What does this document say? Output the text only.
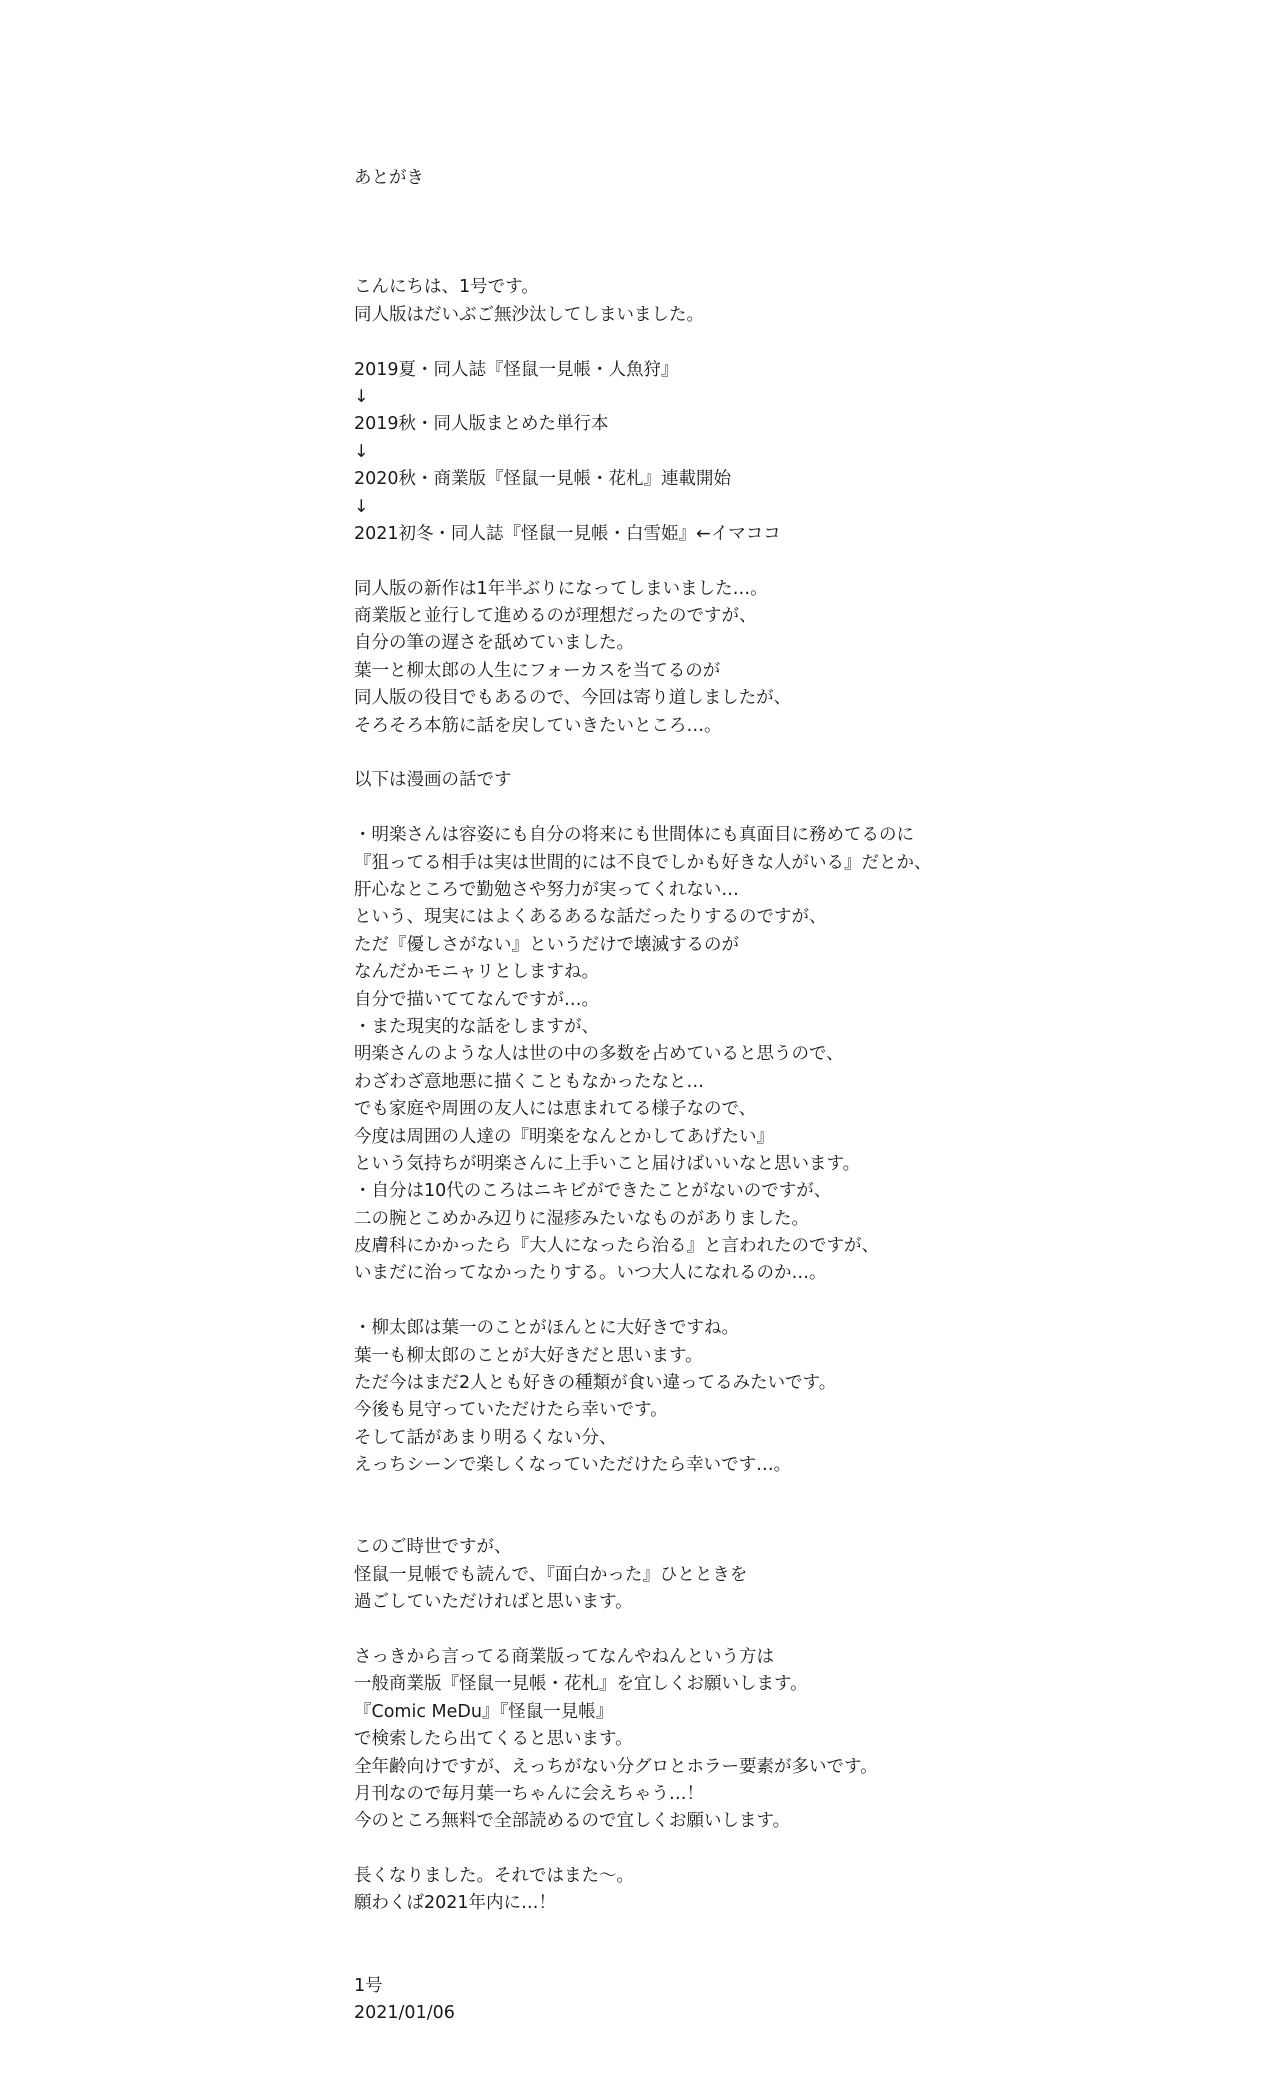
あとがき

こんにちは、1号です。
同人版はだいぶご無沙汰してしまいました。
2019夏・同人誌『怪鼠一見帳・人魚狩』
↓
2019秋・同人版まとめた単行本
↓
2020秋・商業版『怪鼠一見帳・花札』連載開始
↓
2021初冬・同人誌『怪鼠一見帳・白雪姫』←イマココ
同人版の新作は1年半ぶりになってしまいました…。
商業版と並行して進めるのが理想だったのですが、
自分の筆の遅さを舐めていました。
葉一と柳太郎の人生にフォーカスを当てるのが
同人版の役目でもあるので、今回は寄り道しましたが、
そろそろ本筋に話を戻していきたいところ…。
以下は漫画の話です
・明楽さんは容姿にも自分の将来にも世間体にも真面目に務めてるのに
『狙ってる相手は実は世間的には不良でしかも好きな人がいる』だとか、
肝心なところで勤勉さや努力が実ってくれない…
という、現実にはよくあるあるな話だったりするのですが、
ただ『優しさがない』というだけで壊滅するのが
なんだかモニャリとしますね。
自分で描いててなんですが…。
・また現実的な話をしますが、
明楽さんのような人は世の中の多数を占めていると思うので、
わざわざ意地悪に描くこともなかったなと…
でも家庭や周囲の友人には恵まれてる様子なので、
今度は周囲の人達の『明楽をなんとかしてあげたい』
という気持ちが明楽さんに上手いこと届けばいいなと思います。
・自分は10代のころはニキビができたことがないのですが、
二の腕とこめかみ辺りに湿疹みたいなものがありました。
皮膚科にかかったら『大人になったら治る』と言われたのですが、
いまだに治ってなかったりする。いつ大人になれるのか…。
・柳太郎は葉一のことがほんとに大好きですね。
葉一も柳太郎のことが大好きだと思います。
ただ今はまだ2人とも好きの種類が食い違ってるみたいです。
今後も見守っていただけたら幸いです。
そして話があまり明るくない分、
えっちシーンで楽しくなっていただけたら幸いです…。
このご時世ですが、
怪鼠一見帳でも読んで、『面白かった』ひとときを
過ごしていただければと思います。
さっきから言ってる商業版ってなんやねんという方は
一般商業版『怪鼠一見帳・花札』を宜しくお願いします。
『Comic MeDu』『怪鼠一見帳』
で検索したら出てくると思います。
全年齢向けですが、えっちがない分グロとホラー要素が多いです。
月刊なので毎月葉一ちゃんに会えちゃう…！
今のところ無料で全部読めるので宜しくお願いします。
長くなりました。それではまた〜。
願わくば2021年内に…！
1号
2021/01/06
